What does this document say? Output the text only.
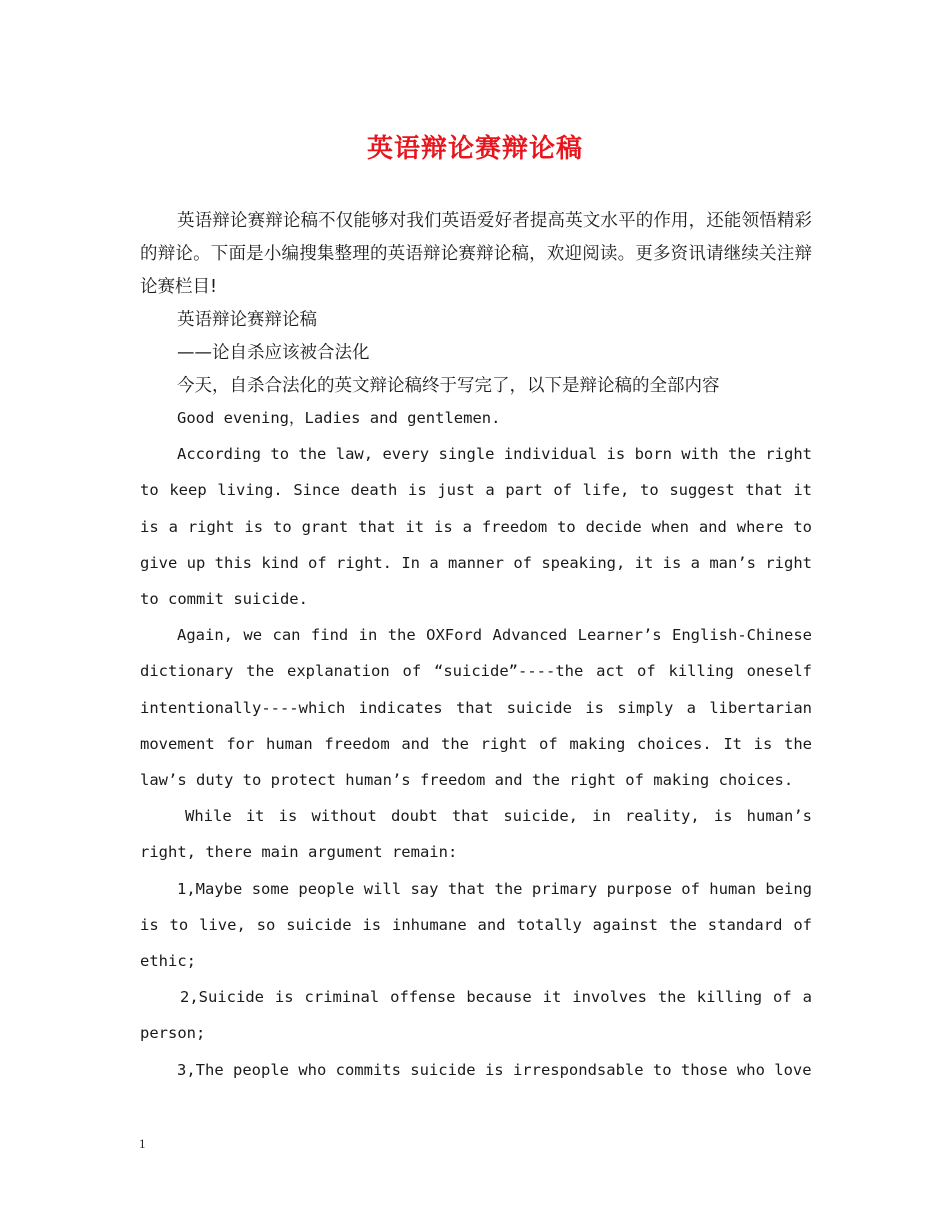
英语辩论赛辩论稿

英语辩论赛辩论稿不仅能够对我们英语爱好者提高英文水平的作用，还能领悟精彩的辩论。下面是小编搜集整理的英语辩论赛辩论稿，欢迎阅读。更多资讯请继续关注辩论赛栏目!

英语辩论赛辩论稿

——论自杀应该被合法化

今天，自杀合法化的英文辩论稿终于写完了，以下是辩论稿的全部内容

Good evening，Ladies and gentlemen.

According to the law, every single individual is born with the right to keep living. Since death is just a part of life, to suggest that it is a right is to grant that it is a freedom to decide when and where to give up this kind of right. In a manner of speaking, it is a man’s right to commit suicide.

Again, we can find in the OXFord Advanced Learner’s English-Chinese dictionary the explanation of “suicide”----the act of killing oneself intentionally----which indicates that suicide is simply a libertarian movement for human freedom and the right of making choices. It is the law’s duty to protect human’s freedom and the right of making choices.

While it is without doubt that suicide, in reality, is human’s right, there main argument remain:

1,Maybe some people will say that the primary purpose of human being is to live, so suicide is inhumane and totally against the standard of ethic;

2,Suicide is criminal offense because it involves the killing of a person;

3,The people who commits suicide is irrespondsable to those who love

1
